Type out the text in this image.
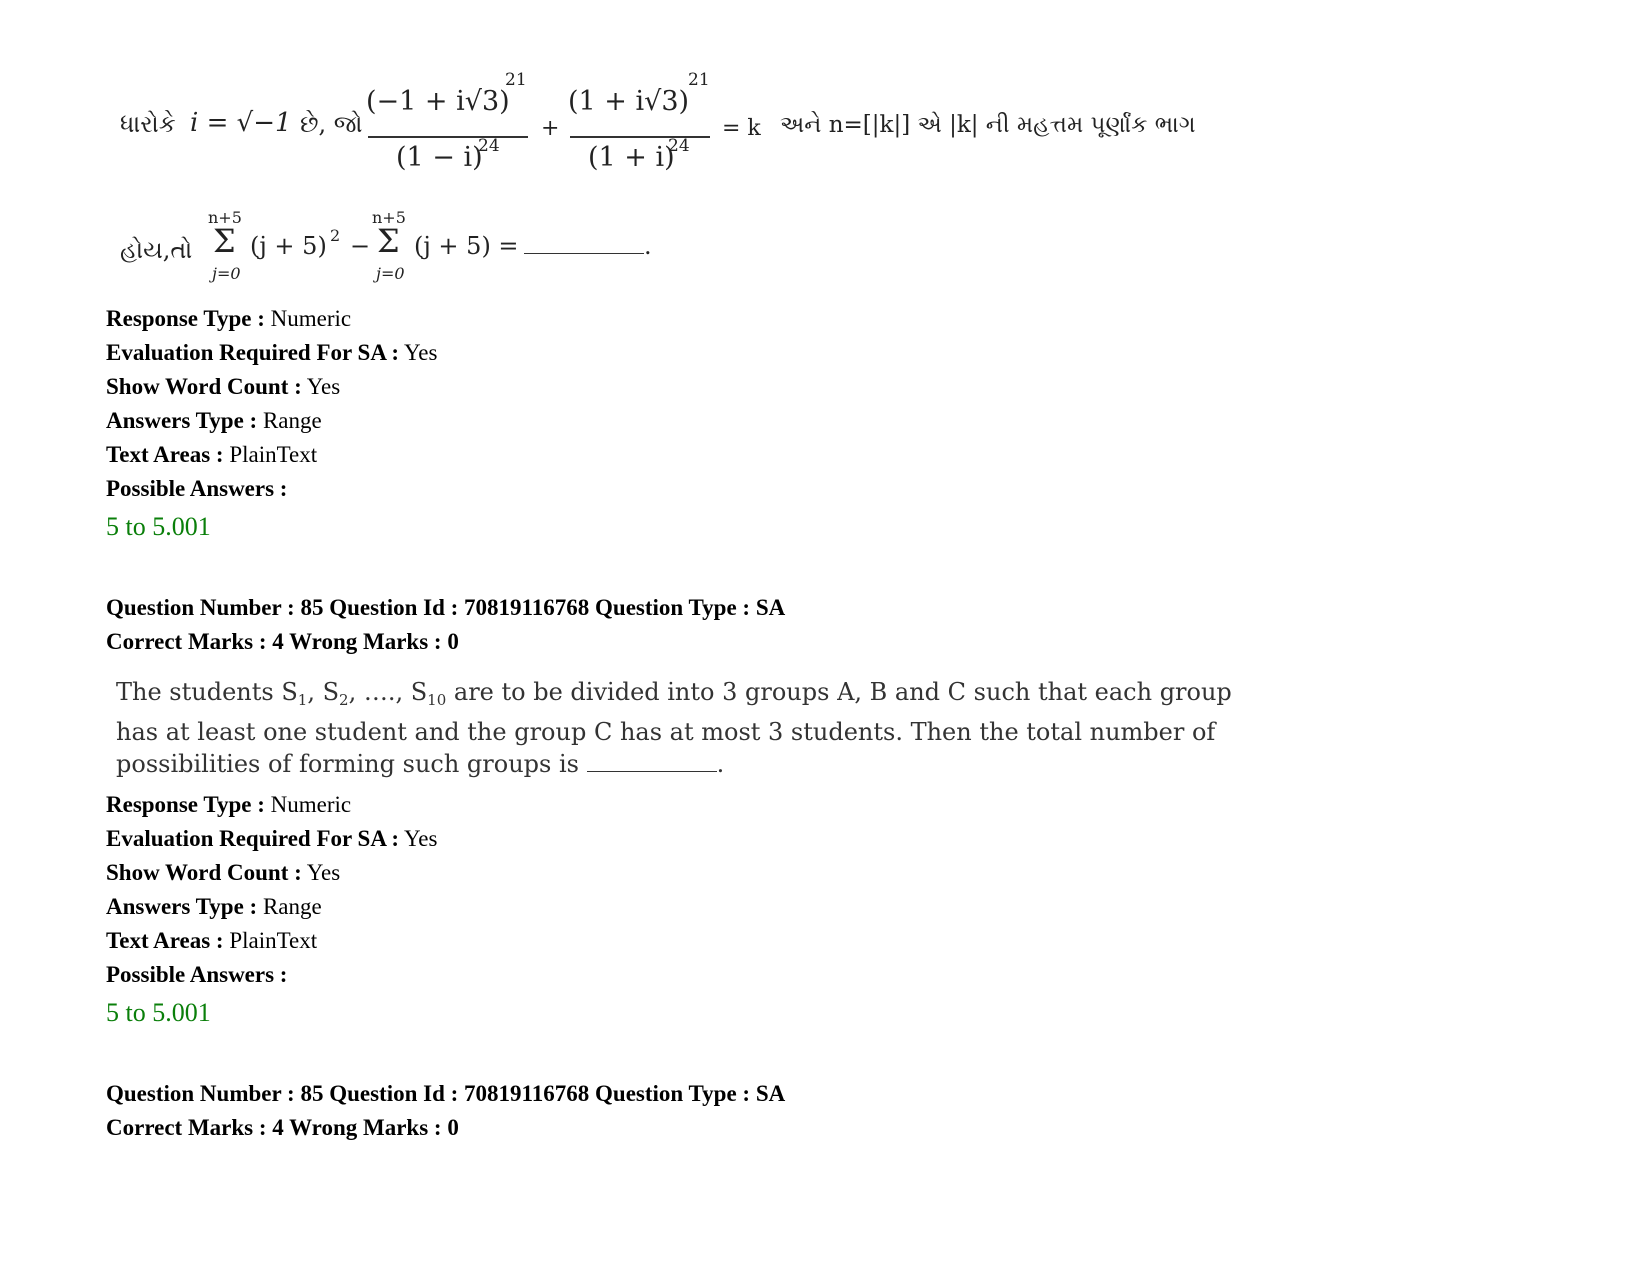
ધારોકે i = √−1 છે, જો
(−1 + i√3)
21
(1 − i)
24
+
(1 + i√3)
21
(1 + i)
24
= k અને n=[|k|] એ |k| ની મહત્તમ પૂર્ણાંક ભાગ
હોય,તો
n+5
Σ
j=0
(j + 5) 2 −
n+5
Σ
j=0
(j + 5) =	.
Response Type : Numeric
Evaluation Required For SA : Yes
Show Word Count : Yes
Answers Type : Range
Text Areas : PlainText
Possible Answers :
5 to 5.001
Question Number : 85 Question Id : 70819116768 Question Type : SA
Correct Marks : 4 Wrong Marks : 0
The students $S_1$, $S_2$, …., $S_{10}$ are to be divided into 3 groups A, B and C such that each group
has at least one student and the group C has at most 3 students. Then the total number of
possibilities of forming such groups is	.
Response Type : Numeric
Evaluation Required For SA : Yes
Show Word Count : Yes
Answers Type : Range
Text Areas : PlainText
Possible Answers :
5 to 5.001
Question Number : 85 Question Id : 70819116768 Question Type : SA
Correct Marks : 4 Wrong Marks : 0
